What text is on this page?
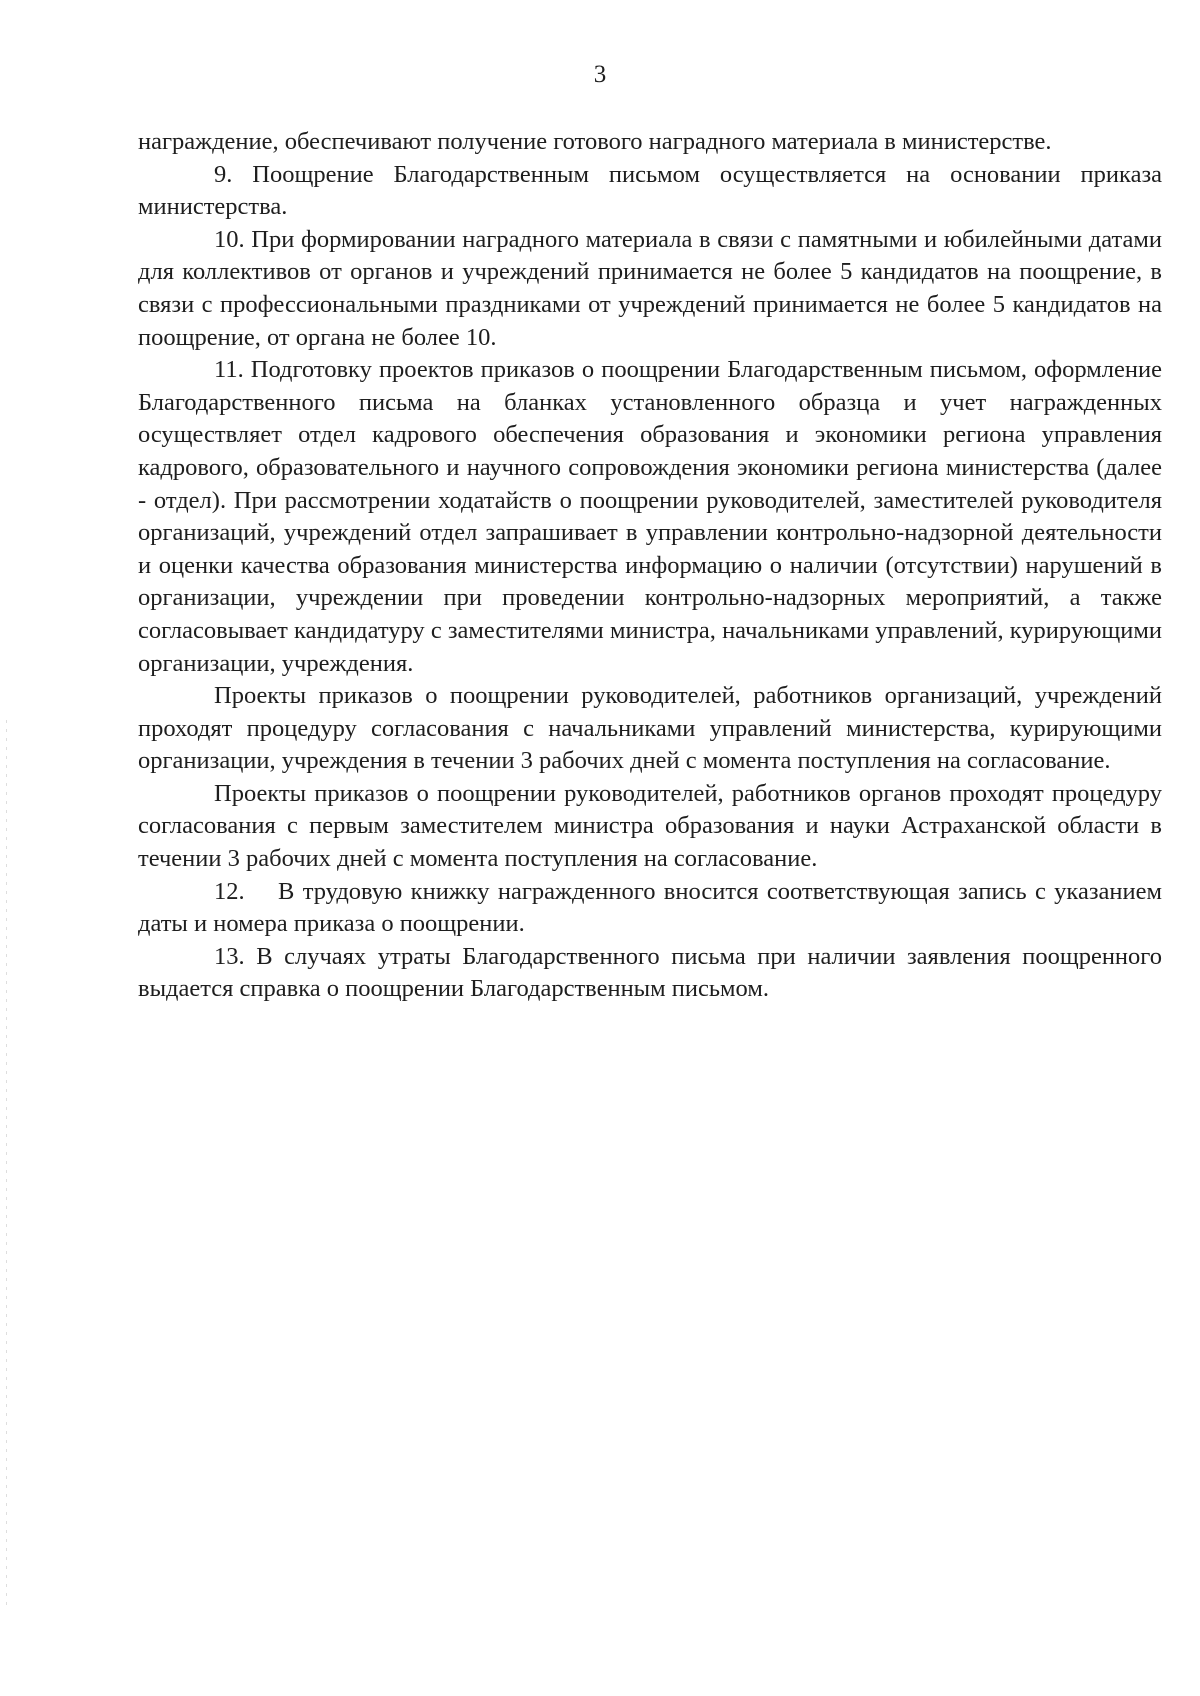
3

награждение, обеспечивают получение готового наградного материала в министерстве.

9. Поощрение Благодарственным письмом осуществляется на основании приказа министерства.

10. При формировании наградного материала в связи с памятными и юбилейными датами для коллективов от органов и учреждений принимается не более 5 кандидатов на поощрение, в связи с профессиональными праздниками от учреждений принимается не более 5 кандидатов на поощрение, от органа не более 10.

11. Подготовку проектов приказов о поощрении Благодарственным письмом, оформление Благодарственного письма на бланках установленного образца и учет награжденных осуществляет отдел кадрового обеспечения образования и экономики региона управления кадрового, образовательного и научного сопровождения экономики региона министерства (далее - отдел). При рассмотрении ходатайств о поощрении руководителей, заместителей руководителя организаций, учреждений отдел запрашивает в управлении контрольно-надзорной деятельности и оценки качества образования министерства информацию о наличии (отсутствии) нарушений в организации, учреждении при проведении контрольно-надзорных мероприятий, а также согласовывает кандидатуру с заместителями министра, начальниками управлений, курирующими организации, учреждения.

Проекты приказов о поощрении руководителей, работников организаций, учреждений проходят процедуру согласования с начальниками управлений министерства, курирующими организации, учреждения в течении 3 рабочих дней с момента поступления на согласование.

Проекты приказов о поощрении руководителей, работников органов проходят процедуру согласования с первым заместителем министра образования и науки Астраханской области в течении 3 рабочих дней с момента поступления на согласование.

12.    В трудовую книжку награжденного вносится соответствующая запись с указанием даты и номера приказа о поощрении.

13. В случаях утраты Благодарственного письма при наличии заявления поощренного выдается справка о поощрении Благодарственным письмом.
